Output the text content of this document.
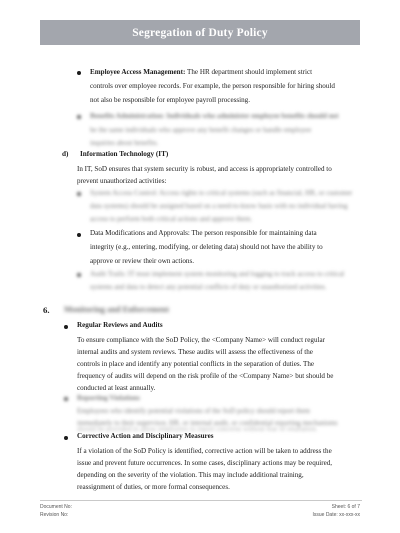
Segregation of Duty Policy

Employee Access Management: The HR department should implement strict

controls over employee records. For example, the person responsible for hiring should

not also be responsible for employee payroll processing.

Benefits Administration: Individuals who administer employee benefits should not

be the same individuals who approve any benefit changes or handle employee

inquiries about benefits.

d) Information Technology (IT)

In IT, SoD ensures that system security is robust, and access is appropriately controlled to

prevent unauthorized activities:

System Access Control: Access rights to critical systems (such as financial, HR, or customer

data systems) should be assigned based on a need-to-know basis with no individual having

access to perform both critical actions and approve them.

Data Modifications and Approvals: The person responsible for maintaining data

integrity (e.g., entering, modifying, or deleting data) should not have the ability to

approve or review their own actions.

Audit Trails: IT must implement system monitoring and logging to track access to critical

systems and data to detect any potential conflicts of duty or unauthorized activities.

6. Monitoring and Enforcement

Regular Reviews and Audits

To ensure compliance with the SoD Policy, the <Company Name> will conduct regular

internal audits and system reviews. These audits will assess the effectiveness of the

controls in place and identify any potential conflicts in the separation of duties. The

frequency of audits will depend on the risk profile of the <Company Name> but should be

conducted at least annually.

Reporting Violations

Employees who identify potential violations of the SoD policy should report them

immediately to their supervisor, HR, or internal audit, or confidential reporting mechanisms

should be provided to allow employees to report concerns without fear of retaliation.

Corrective Action and Disciplinary Measures

If a violation of the SoD Policy is identified, corrective action will be taken to address the

issue and prevent future occurrences. In some cases, disciplinary actions may be required,

depending on the severity of the violation. This may include additional training,

reassignment of duties, or more formal consequences.

Document No:
Revision No:
Sheet: 6 of 7
Issue Date: xx-xxx-xx
